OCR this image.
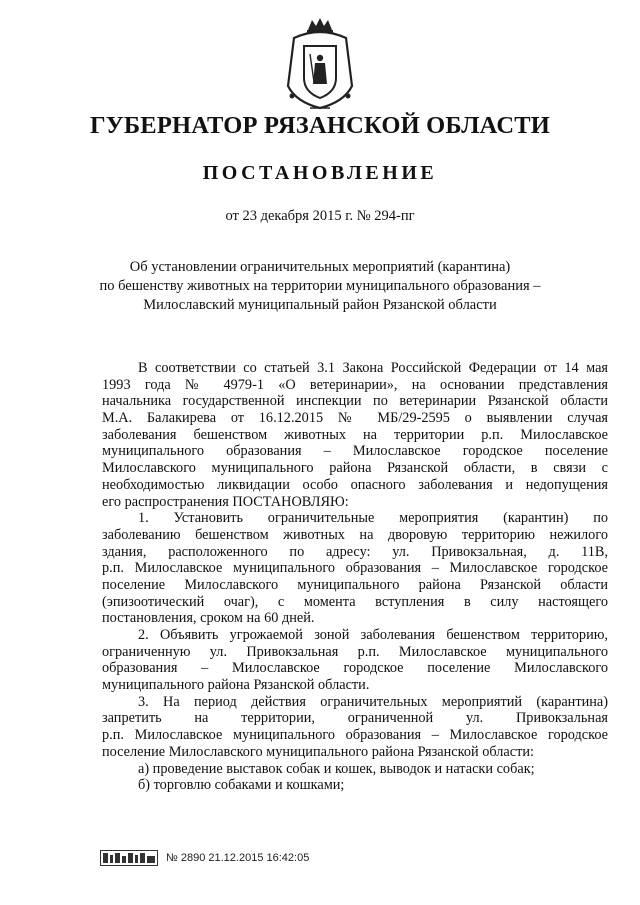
ГУБЕРНАТОР РЯЗАНСКОЙ ОБЛАСТИ
ПОСТАНОВЛЕНИЕ
от 23 декабря 2015 г. № 294-пг
Об установлении ограничительных мероприятий (карантина)
по бешенству животных на территории муниципального образования –
Милославский муниципальный район Рязанской области
В соответствии со статьей 3.1 Закона Российской Федерации от 14 мая
1993 года № 4979-1 «О ветеринарии», на основании представления
начальника государственной инспекции по ветеринарии Рязанской области
М.А. Балакирева от 16.12.2015 № МБ/29-2595 о выявлении случая
заболевания бешенством животных на территории р.п. Милославское
муниципального образования – Милославское городское поселение
Милославского муниципального района Рязанской области, в связи с
необходимостью ликвидации особо опасного заболевания и недопущения
его распространения ПОСТАНОВЛЯЮ:
1. Установить ограничительные мероприятия (карантин) по
заболеванию бешенством животных на дворовую территорию нежилого
здания, расположенного по адресу: ул. Привокзальная, д. 11В,
р.п. Милославское муниципального образования – Милославское городское
поселение Милославского муниципального района Рязанской области
(эпизоотический очаг), с момента вступления в силу настоящего
постановления, сроком на 60 дней.
2. Объявить угрожаемой зоной заболевания бешенством территорию,
ограниченную ул. Привокзальная р.п. Милославское муниципального
образования – Милославское городское поселение Милославского
муниципального района Рязанской области.
3. На период действия ограничительных мероприятий (карантина)
запретить на территории, ограниченной ул. Привокзальная
р.п. Милославское муниципального образования – Милославское городское
поселение Милославского муниципального района Рязанской области:
а) проведение выставок собак и кошек, выводок и натаски собак;
б) торговлю собаками и кошками;
№ 2890 21.12.2015 16:42:05
